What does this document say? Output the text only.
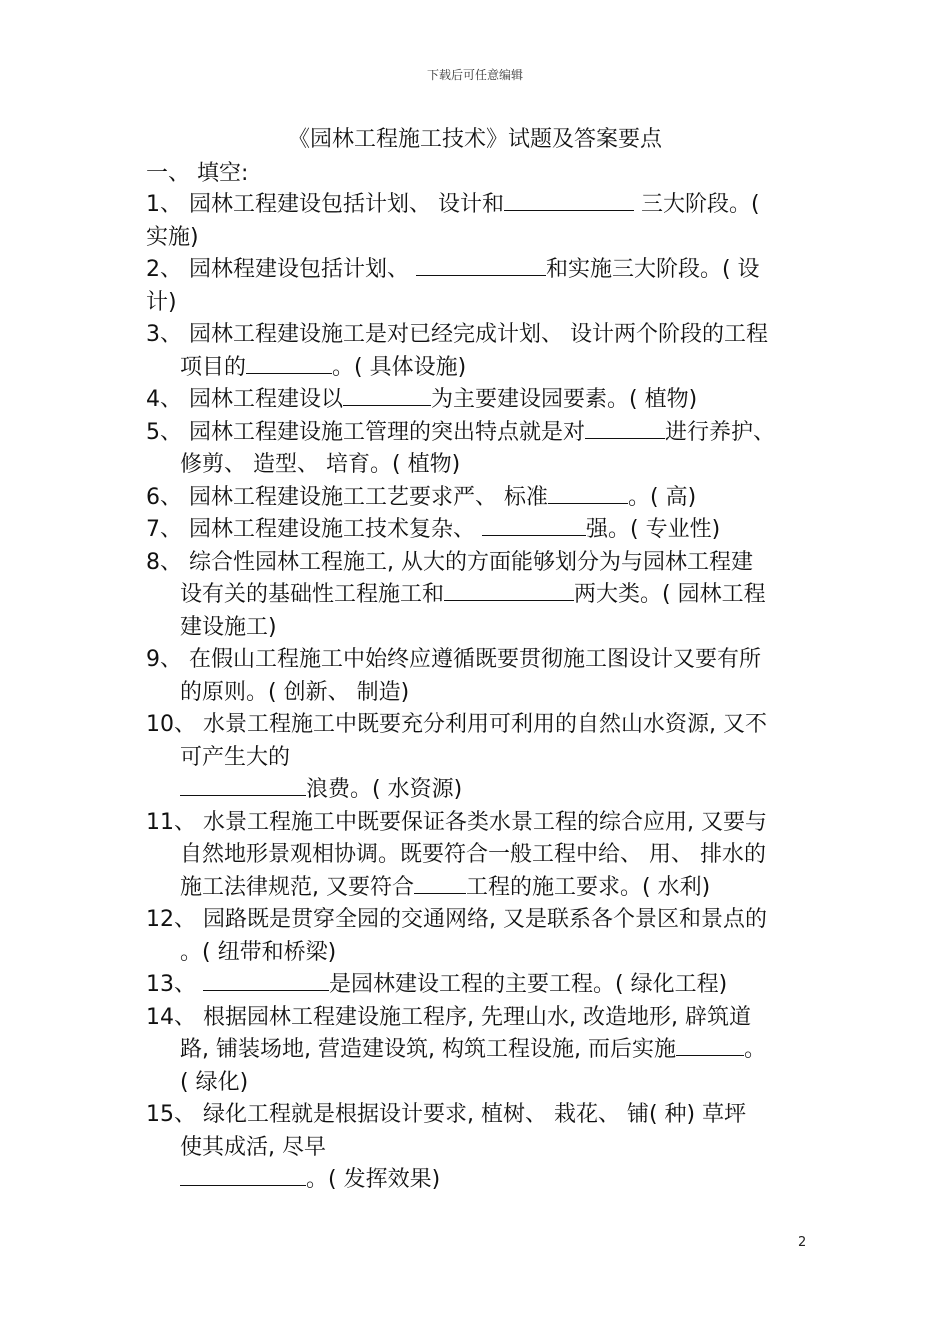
下载后可任意编辑
《园林工程施工技术》试题及答案要点
一、 填空:
1、 园林工程建设包括计划、 设计和	三大阶段。(
实施)
2、 园林程建设包括计划、	和实施三大阶段。( 设
计)
3、 园林工程建设施工是对已经完成计划、 设计两个阶段的工程
项目的	。( 具体设施)
4、 园林工程建设以	为主要建设园要素。( 植物)
5、 园林工程建设施工管理的突出特点就是对	进行养护、
修剪、 造型、 培育。( 植物)
6、 园林工程建设施工工艺要求严、 标准	。( 高)
7、 园林工程建设施工技术复杂、	强。( 专业性)
8、 综合性园林工程施工, 从大的方面能够划分为与园林工程建
设有关的基础性工程施工和	两大类。( 园林工程
建设施工)
9、 在假山工程施工中始终应遵循既要贯彻施工图设计又要有所
的原则。( 创新、 制造)
10、 水景工程施工中既要充分利用可利用的自然山水资源, 又不
可产生大的
浪费。( 水资源)
11、 水景工程施工中既要保证各类水景工程的综合应用, 又要与
自然地形景观相协调。既要符合一般工程中给、 用、 排水的
施工法律规范, 又要符合 工程的施工要求。( 水利)
12、 园路既是贯穿全园的交通网络, 又是联系各个景区和景点的
。( 纽带和桥梁)
13、	是园林建设工程的主要工程。( 绿化工程)
14、 根据园林工程建设施工程序, 先理山水, 改造地形, 辟筑道
路, 铺装场地, 营造建设筑, 构筑工程设施, 而后实施	。
( 绿化)
15、 绿化工程就是根据设计要求, 植树、 栽花、 铺( 种) 草坪
使其成活, 尽早
。( 发挥效果)
2
